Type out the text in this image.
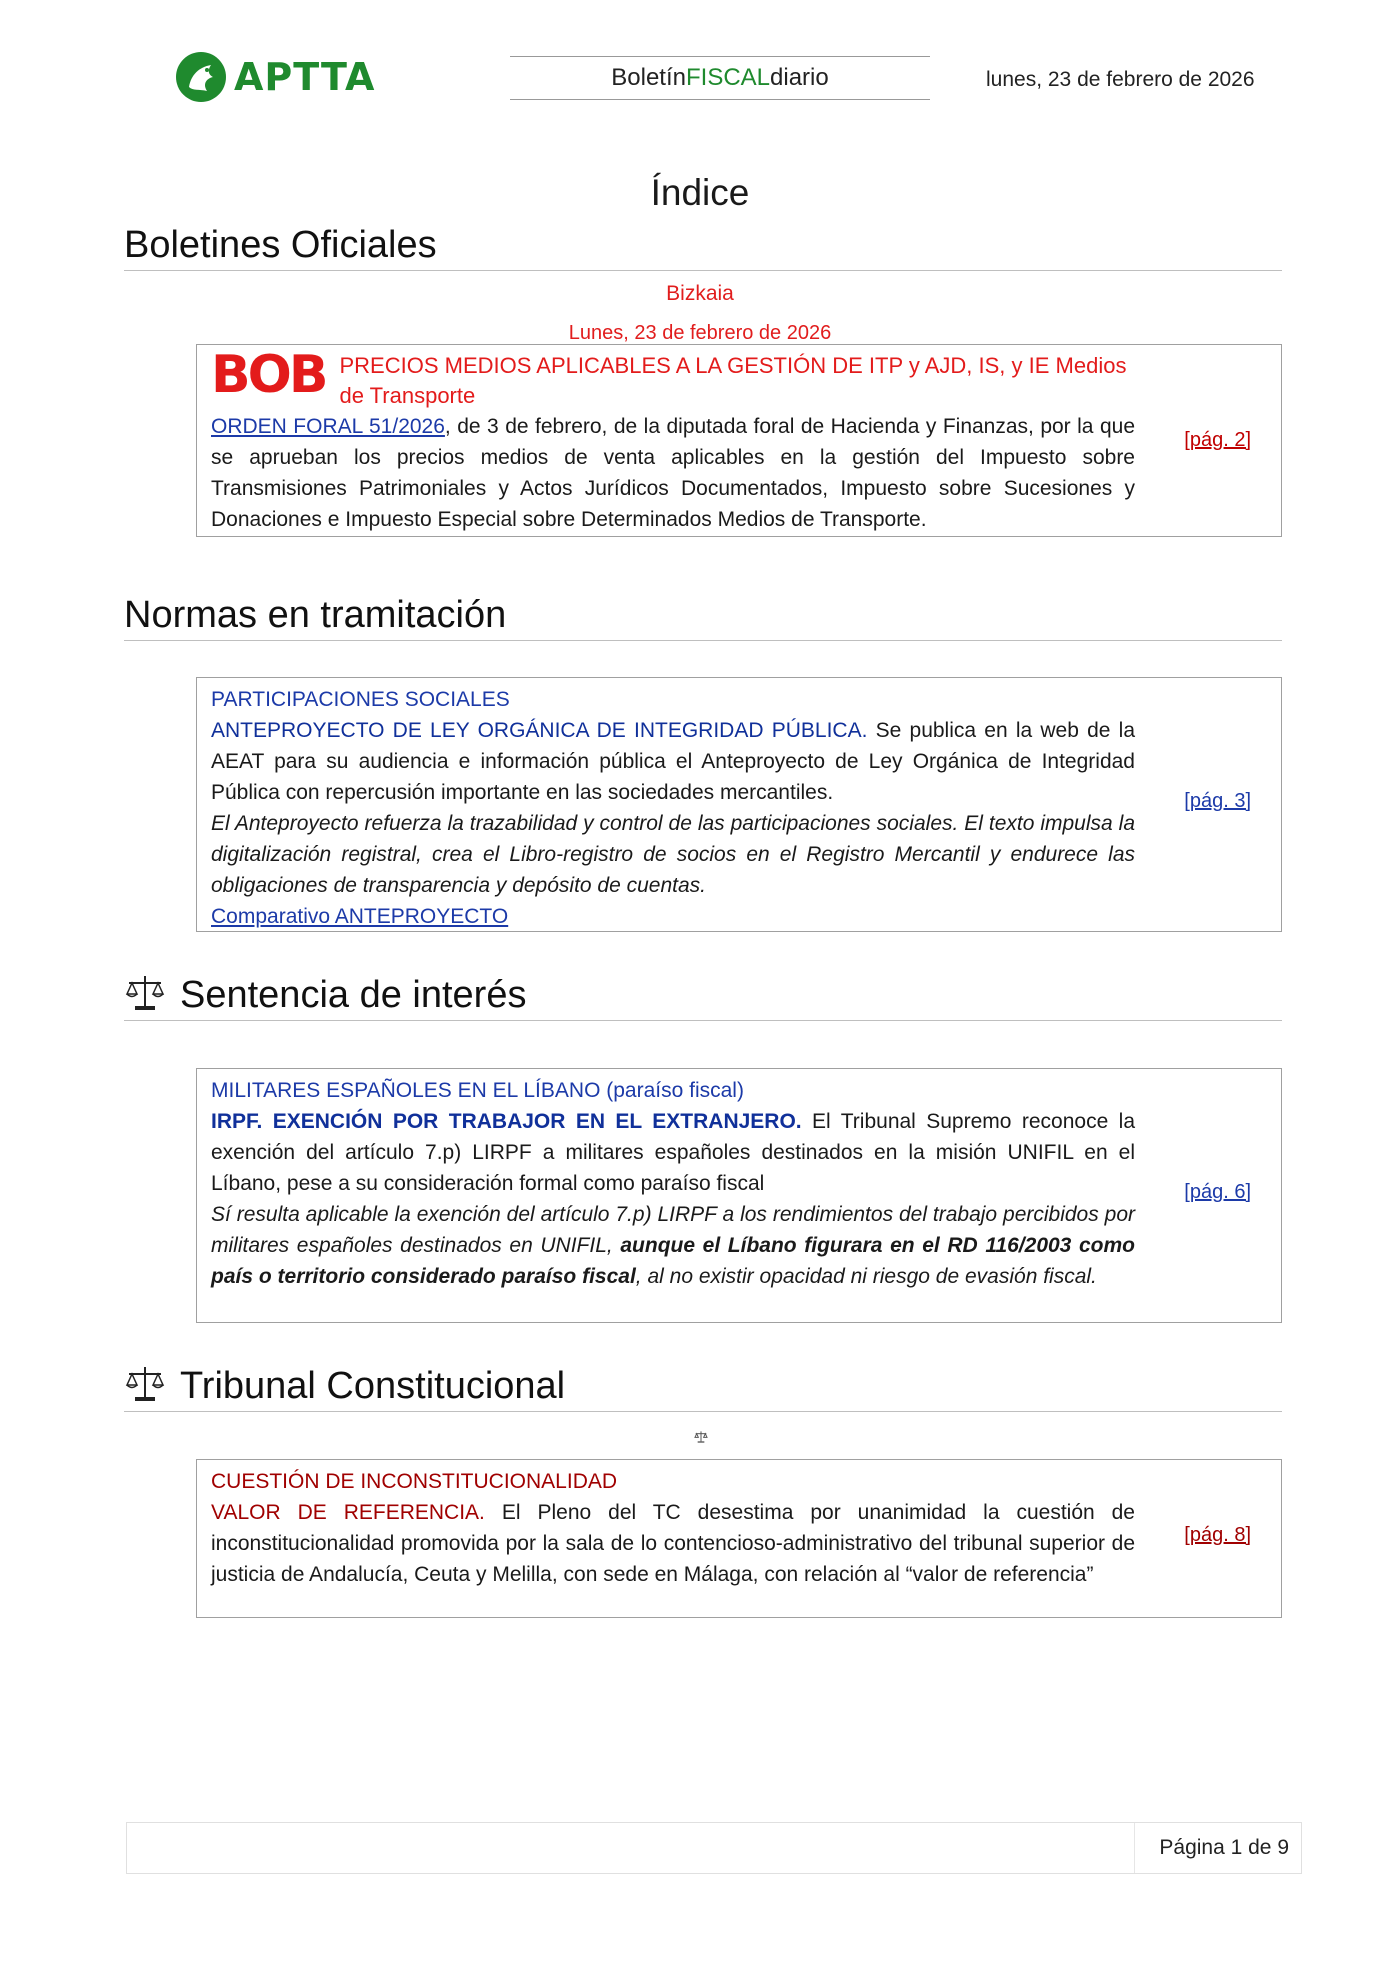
APTTA	Boletín FISCAL diario	lunes, 23 de febrero de 2026
Índice
Boletines Oficiales
Bizkaia
Lunes, 23 de febrero de 2026
BOB PRECIOS MEDIOS APLICABLES A LA GESTIÓN DE ITP y AJD, IS, y IE Medios de Transporte
ORDEN FORAL 51/2026, de 3 de febrero, de la diputada foral de Hacienda y Finanzas, por la que se aprueban los precios medios de venta aplicables en la gestión del Impuesto sobre Transmisiones Patrimoniales y Actos Jurídicos Documentados, Impuesto sobre Sucesiones y Donaciones e Impuesto Especial sobre Determinados Medios de Transporte.
[pág. 2]
Normas en tramitación
PARTICIPACIONES SOCIALES
ANTEPROYECTO DE LEY ORGÁNICA DE INTEGRIDAD PÚBLICA. Se publica en la web de la AEAT para su audiencia e información pública el Anteproyecto de Ley Orgánica de Integridad Pública con repercusión importante en las sociedades mercantiles.
El Anteproyecto refuerza la trazabilidad y control de las participaciones sociales. El texto impulsa la digitalización registral, crea el Libro-registro de socios en el Registro Mercantil y endurece las obligaciones de transparencia y depósito de cuentas.
Comparativo ANTEPROYECTO
[pág. 3]
Sentencia de interés
MILITARES ESPAÑOLES EN EL LÍBANO (paraíso fiscal)
IRPF. EXENCIÓN POR TRABAJOR EN EL EXTRANJERO. El Tribunal Supremo reconoce la exención del artículo 7.p) LIRPF a militares españoles destinados en la misión UNIFIL en el Líbano, pese a su consideración formal como paraíso fiscal
Sí resulta aplicable la exención del artículo 7.p) LIRPF a los rendimientos del trabajo percibidos por militares españoles destinados en UNIFIL, aunque el Líbano figurara en el RD 116/2003 como país o territorio considerado paraíso fiscal, al no existir opacidad ni riesgo de evasión fiscal.
[pág. 6]
Tribunal Constitucional
CUESTIÓN DE INCONSTITUCIONALIDAD
VALOR DE REFERENCIA. El Pleno del TC desestima por unanimidad la cuestión de inconstitucionalidad promovida por la sala de lo contencioso-administrativo del tribunal superior de justicia de Andalucía, Ceuta y Melilla, con sede en Málaga, con relación al “valor de referencia”
[pág. 8]
Página 1 de 9
